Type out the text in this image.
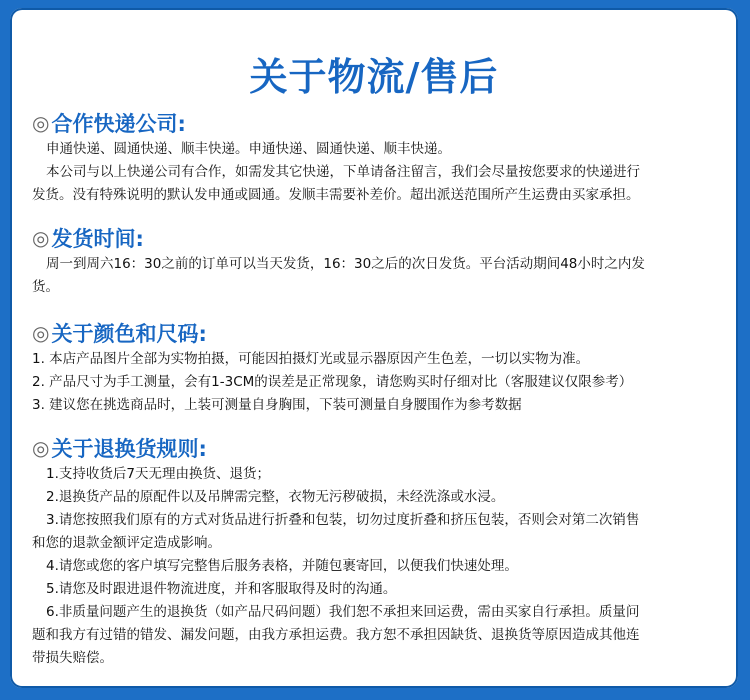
关于物流/售后
◎ 合作快递公司:

申通快递、圆通快递、顺丰快递。申通快递、圆通快递、顺丰快递。

本公司与以上快递公司有合作，如需发其它快递，下单请备注留言，我们会尽量按您要求的快递进行

发货。没有特殊说明的默认发申通或圆通。发顺丰需要补差价。超出派送范围所产生运费由买家承担。

◎ 发货时间:

周一到周六16：30之前的订单可以当天发货，16：30之后的次日发货。平台活动期间48小时之内发

货。

◎ 关于颜色和尺码:

1. 本店产品图片全部为实物拍摄，可能因拍摄灯光或显示器原因产生色差，一切以实物为准。

2. 产品尺寸为手工测量，会有1-3CM的误差是正常现象，请您购买时仔细对比（客服建议仅限参考）

3. 建议您在挑选商品时，上装可测量自身胸围，下装可测量自身腰围作为参考数据

◎ 关于退换货规则:

1.支持收货后7天无理由换货、退货；

2.退换货产品的原配件以及吊牌需完整，衣物无污秽破损，未经洗涤或水浸。

3.请您按照我们原有的方式对货品进行折叠和包装，切勿过度折叠和挤压包装，否则会对第二次销售

和您的退款金额评定造成影响。

4.请您或您的客户填写完整售后服务表格，并随包裹寄回，以便我们快速处理。

5.请您及时跟进退件物流进度，并和客服取得及时的沟通。

6.非质量问题产生的退换货（如产品尺码问题）我们恕不承担来回运费，需由买家自行承担。质量问

题和我方有过错的错发、漏发问题，由我方承担运费。我方恕不承担因缺货、退换货等原因造成其他连

带损失赔偿。
